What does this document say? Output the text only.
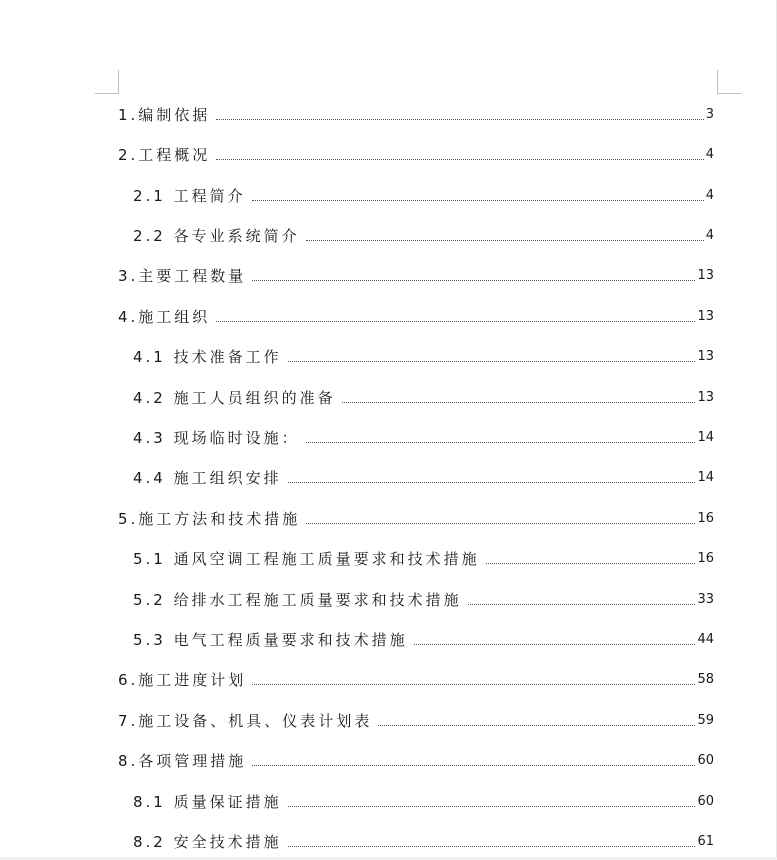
1.编制依据	3
2.工程概况	4
2.1 工程简介	4
2.2 各专业系统简介	4
3.主要工程数量	13
4.施工组织	13
4.1 技术准备工作	13
4.2 施工人员组织的准备	13
4.3 现场临时设施：	14
4.4 施工组织安排	14
5.施工方法和技术措施	16
5.1 通风空调工程施工质量要求和技术措施	16
5.2 给排水工程施工质量要求和技术措施	33
5.3 电气工程质量要求和技术措施	44
6.施工进度计划	58
7.施工设备、机具、仪表计划表	59
8.各项管理措施	60
8.1 质量保证措施	60
8.2 安全技术措施	61
